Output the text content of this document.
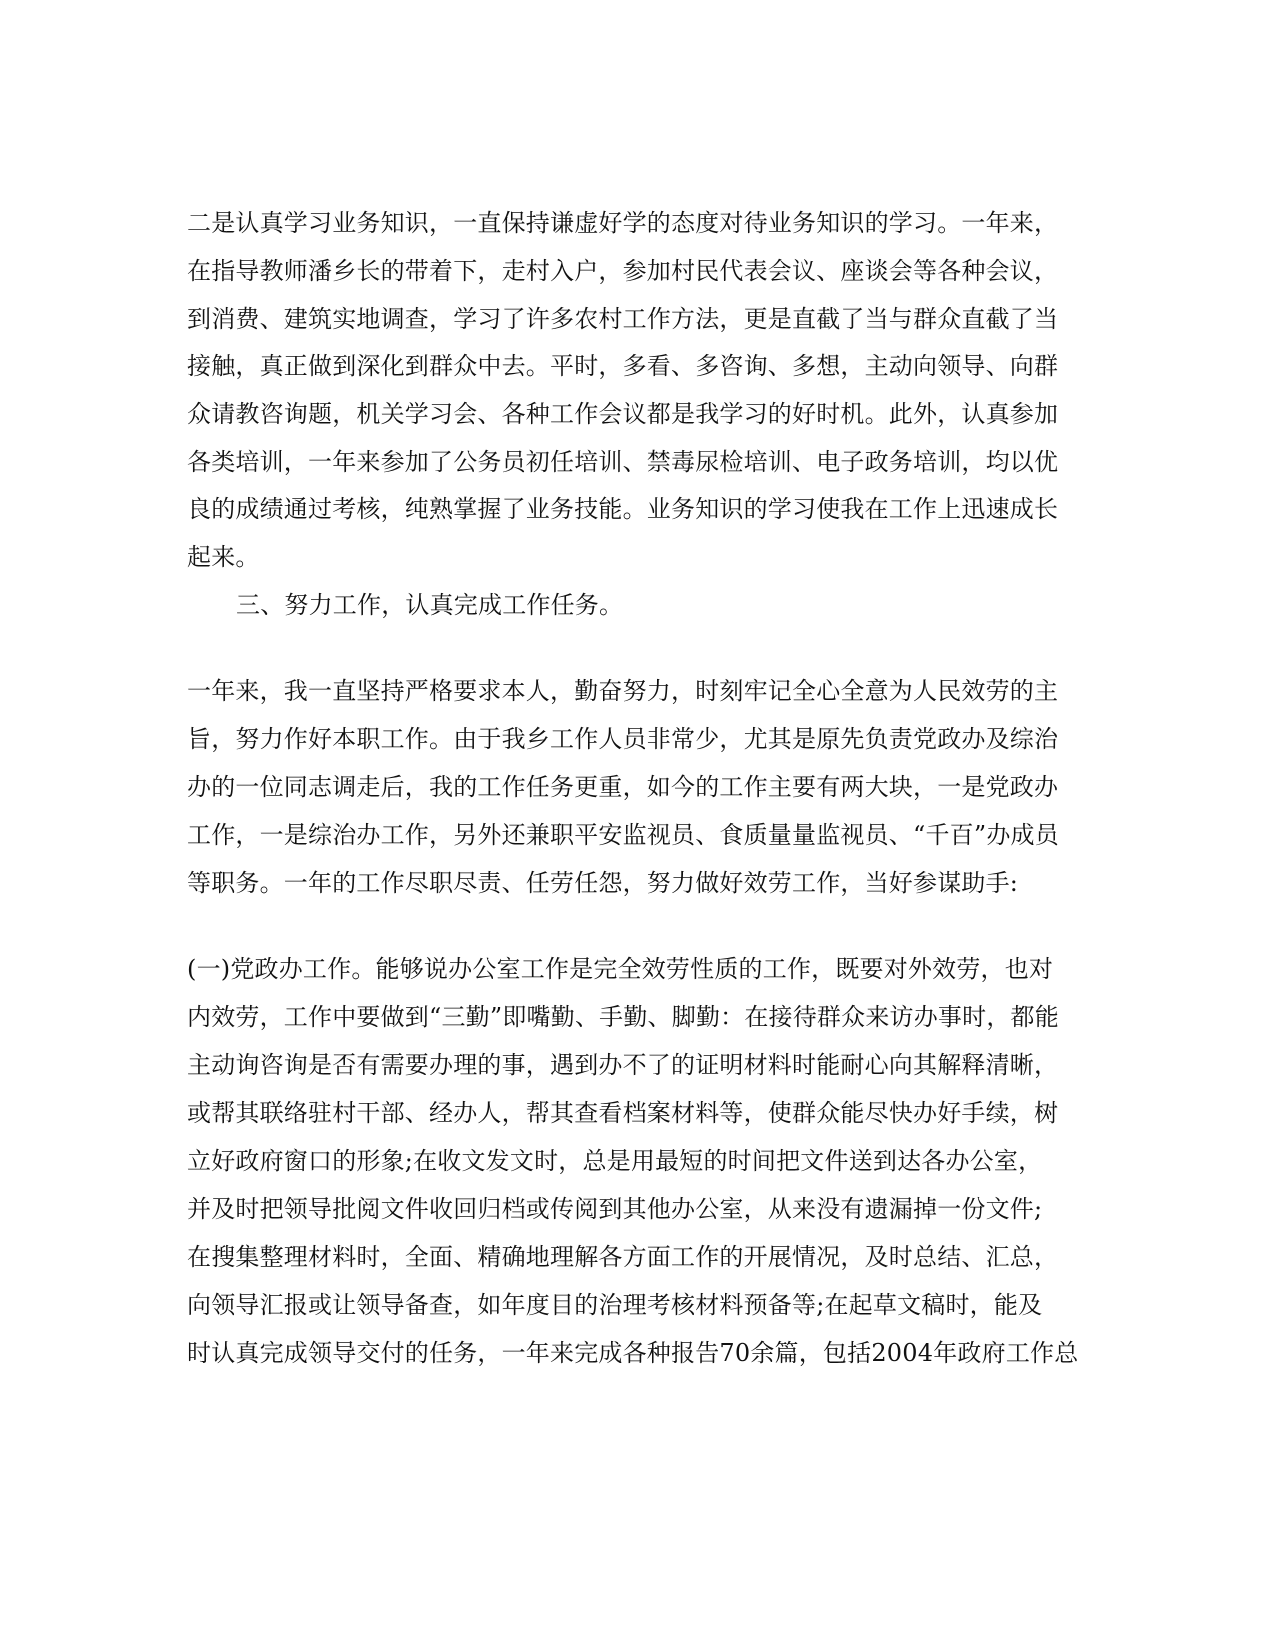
二是认真学习业务知识，一直保持谦虚好学的态度对待业务知识的学习。一年来，
在指导教师潘乡长的带着下，走村入户，参加村民代表会议、座谈会等各种会议，
到消费、建筑实地调查，学习了许多农村工作方法，更是直截了当与群众直截了当
接触，真正做到深化到群众中去。平时，多看、多咨询、多想，主动向领导、向群
众请教咨询题，机关学习会、各种工作会议都是我学习的好时机。此外，认真参加
各类培训，一年来参加了公务员初任培训、禁毒尿检培训、电子政务培训，均以优
良的成绩通过考核，纯熟掌握了业务技能。业务知识的学习使我在工作上迅速成长
起来。
三、努力工作，认真完成工作任务。
一年来，我一直坚持严格要求本人，勤奋努力，时刻牢记全心全意为人民效劳的主
旨，努力作好本职工作。由于我乡工作人员非常少，尤其是原先负责党政办及综治
办的一位同志调走后，我的工作任务更重，如今的工作主要有两大块，一是党政办
工作，一是综治办工作，另外还兼职平安监视员、食质量量监视员、“千百”办成员
等职务。一年的工作尽职尽责、任劳任怨，努力做好效劳工作，当好参谋助手:
(一)党政办工作。能够说办公室工作是完全效劳性质的工作，既要对外效劳，也对
内效劳，工作中要做到“三勤”即嘴勤、手勤、脚勤：在接待群众来访办事时，都能
主动询咨询是否有需要办理的事，遇到办不了的证明材料时能耐心向其解释清晰，
或帮其联络驻村干部、经办人，帮其查看档案材料等，使群众能尽快办好手续，树
立好政府窗口的形象;在收文发文时，总是用最短的时间把文件送到达各办公室，
并及时把领导批阅文件收回归档或传阅到其他办公室，从来没有遗漏掉一份文件;
在搜集整理材料时，全面、精确地理解各方面工作的开展情况，及时总结、汇总，
向领导汇报或让领导备查，如年度目的治理考核材料预备等;在起草文稿时，能及
时认真完成领导交付的任务，一年来完成各种报告70余篇，包括2004年政府工作总
